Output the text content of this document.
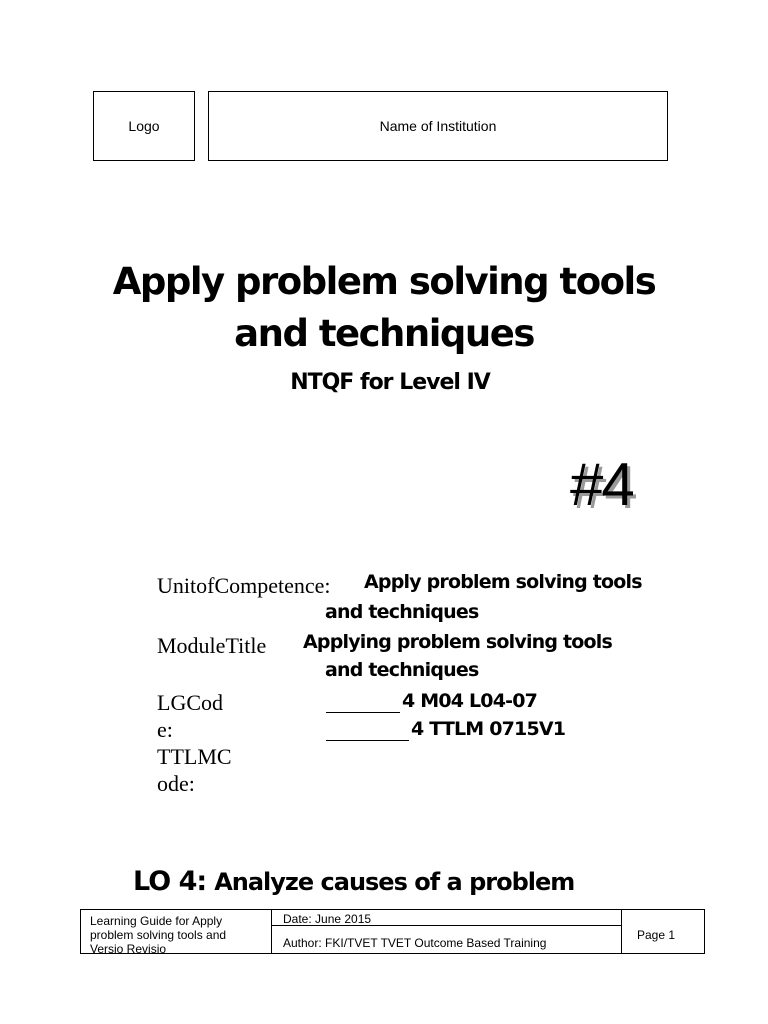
Logo	Name of Institution
Apply problem solving tools
and techniques
NTQF for Level IV
#4
UnitofCompetence: Apply problem solving tools
and techniques
ModuleTitle Applying problem solving tools
and techniques
LGCod
e:
4 M04 L04-07
TTLMC
ode:
4 TTLM 0715V1
LO 4: Analyze causes of a problem
Learning Guide for Apply
problem solving tools and
Versio Revisio
Date: June 2015
Author: FKI/TVET TVET Outcome Based Training
Page 1
